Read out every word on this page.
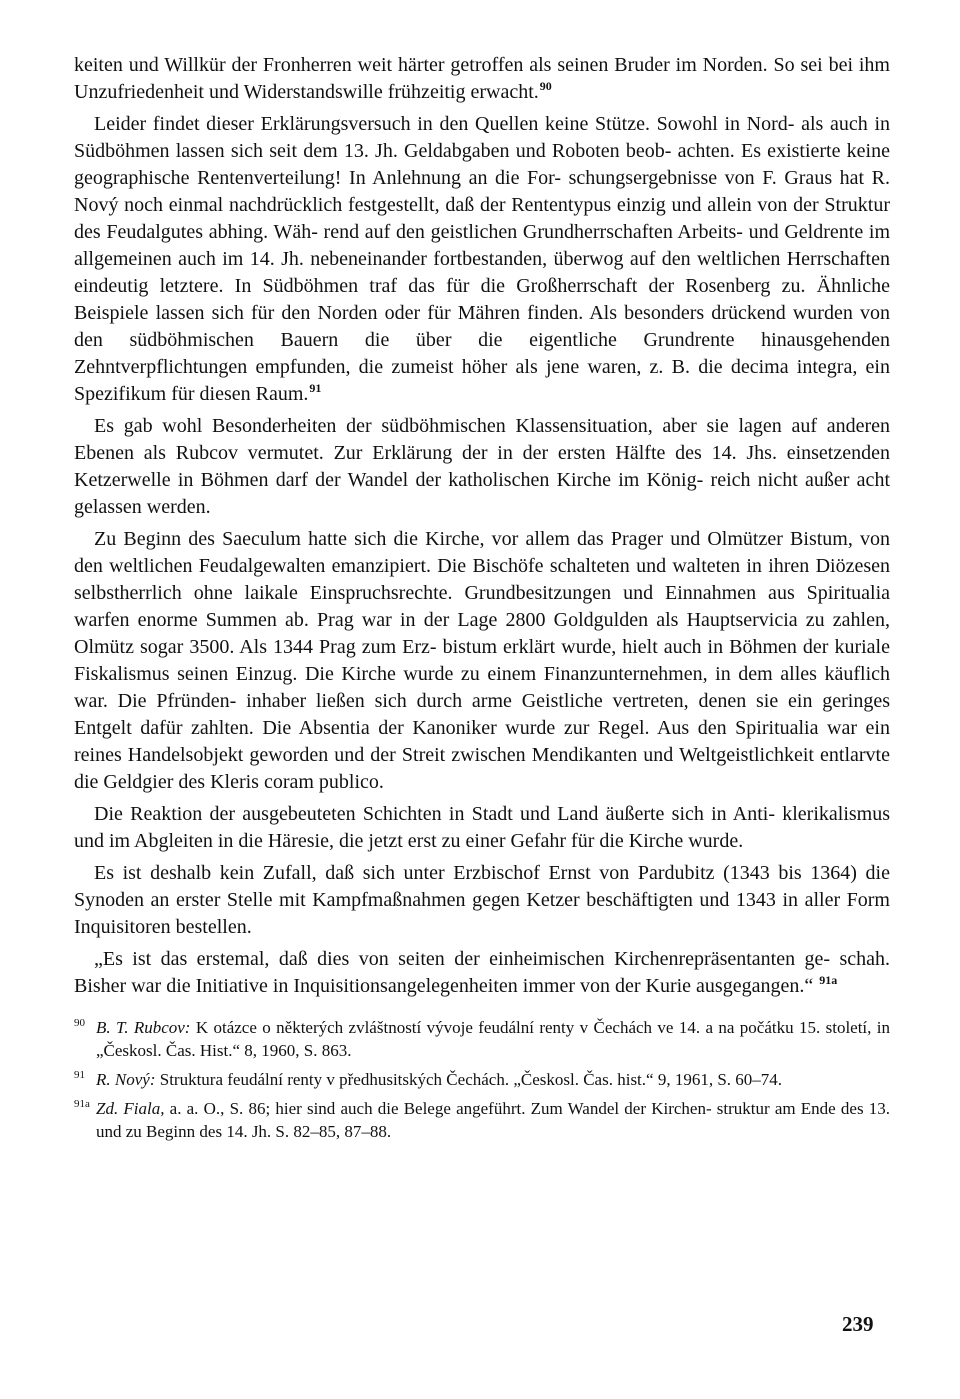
keiten und Willkür der Fronherren weit härter getroffen als seinen Bruder im Norden. So sei bei ihm Unzufriedenheit und Widerstandswille frühzeitig erwacht.$^{90}$

Leider findet dieser Erklärungsversuch in den Quellen keine Stütze. Sowohl in Nord- als auch in Südböhmen lassen sich seit dem 13. Jh. Geldabgaben und Roboten beob- achten. Es existierte keine geographische Rentenverteilung! In Anlehnung an die For- schungsergebnisse von F. Graus hat R. Nový noch einmal nachdrücklich festgestellt, daß der Rententypus einzig und allein von der Struktur des Feudalgutes abhing. Wäh- rend auf den geistlichen Grundherrschaften Arbeits- und Geldrente im allgemeinen auch im 14. Jh. nebeneinander fortbestanden, überwog auf den weltlichen Herrschaften eindeutig letztere. In Südböhmen traf das für die Großherrschaft der Rosenberg zu. Ähnliche Beispiele lassen sich für den Norden oder für Mähren finden. Als besonders drückend wurden von den südböhmischen Bauern die über die eigentliche Grundrente hinausgehenden Zehntverpflichtungen empfunden, die zumeist höher als jene waren, z. B. die decima integra, ein Spezifikum für diesen Raum.$^{91}$

Es gab wohl Besonderheiten der südböhmischen Klassensituation, aber sie lagen auf anderen Ebenen als Rubcov vermutet. Zur Erklärung der in der ersten Hälfte des 14. Jhs. einsetzenden Ketzerwelle in Böhmen darf der Wandel der katholischen Kirche im König- reich nicht außer acht gelassen werden.

Zu Beginn des Saeculum hatte sich die Kirche, vor allem das Prager und Olmützer Bistum, von den weltlichen Feudalgewalten emanzipiert. Die Bischöfe schalteten und walteten in ihren Diözesen selbstherrlich ohne laikale Einspruchsrechte. Grundbesitzungen und Einnahmen aus Spiritualia warfen enorme Summen ab. Prag war in der Lage 2800 Goldgulden als Hauptservicia zu zahlen, Olmütz sogar 3500. Als 1344 Prag zum Erz- bistum erklärt wurde, hielt auch in Böhmen der kuriale Fiskalismus seinen Einzug. Die Kirche wurde zu einem Finanzunternehmen, in dem alles käuflich war. Die Pfründen- inhaber ließen sich durch arme Geistliche vertreten, denen sie ein geringes Entgelt dafür zahlten. Die Absentia der Kanoniker wurde zur Regel. Aus den Spiritualia war ein reines Handelsobjekt geworden und der Streit zwischen Mendikanten und Weltgeistlichkeit entlarvte die Geldgier des Kleris coram publico.

Die Reaktion der ausgebeuteten Schichten in Stadt und Land äußerte sich in Anti- klerikalismus und im Abgleiten in die Häresie, die jetzt erst zu einer Gefahr für die Kirche wurde.

Es ist deshalb kein Zufall, daß sich unter Erzbischof Ernst von Pardubitz (1343 bis 1364) die Synoden an erster Stelle mit Kampfmaßnahmen gegen Ketzer beschäftigten und 1343 in aller Form Inquisitoren bestellen.

„Es ist das erstemal, daß dies von seiten der einheimischen Kirchenrepräsentanten ge- schah. Bisher war die Initiative in Inquisitionsangelegenheiten immer von der Kurie ausgegangen.“ $^{91a}$

90 B. T. Rubcov: K otázce o některých zvláštností vývoje feudální renty v Čechách ve 14. a na počátku 15. století, in „Českosl. Čas. Hist.“ 8, 1960, S. 863.

91 R. Nový: Struktura feudální renty v předhusitských Čechách. „Českosl. Čas. hist.“ 9, 1961, S. 60–74.

91a Zd. Fiala, a. a. O., S. 86; hier sind auch die Belege angeführt. Zum Wandel der Kirchen- struktur am Ende des 13. und zu Beginn des 14. Jh. S. 82–85, 87–88.

239
